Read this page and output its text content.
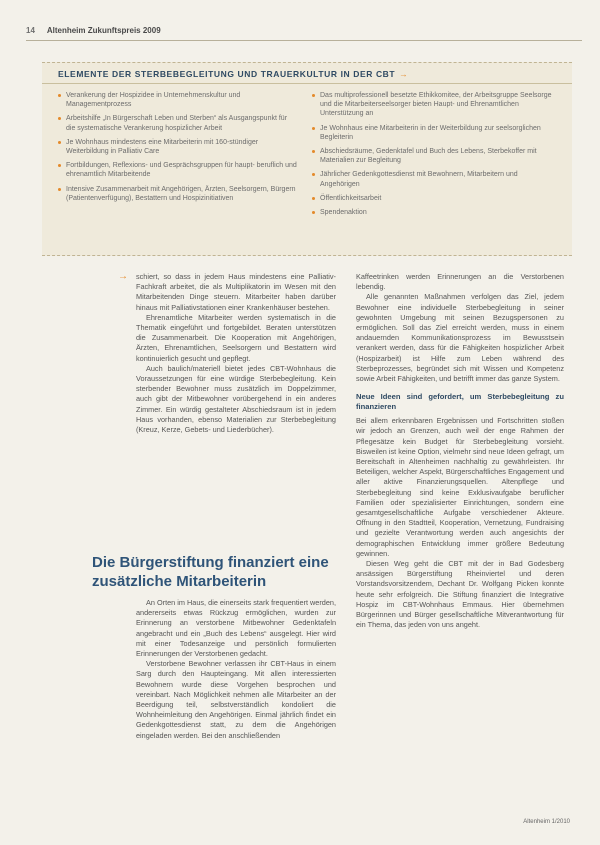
14 Altenheim Zukunftspreis 2009
ELEMENTE DER STERBEBEGLEITUNG UND TRAUERKULTUR IN DER CBT →
Verankerung der Hospizidee in Unternehmenskultur und Managementprozess
Arbeitshilfe „In Bürgerschaft Leben und Sterben“ als Ausgangspunkt für die systematische Verankerung hospizlicher Arbeit
Je Wohnhaus mindestens eine Mitarbeiterin mit 160-stündiger Weiterbildung in Palliativ Care
Fortbildungen, Reflexions- und Gesprächsgruppen für haupt- beruflich und ehrenamtlich Mitarbeitende
Intensive Zusammenarbeit mit Angehörigen, Ärzten, Seelsorgern, Bürgern (Patientenverfügung), Bestattern und Hospizinitiativen
Das multiprofessionell besetzte Ethikkomitee, der Arbeitsgruppe Seelsorge und die Mitarbeiterseelsorger bieten Haupt- und Ehrenamtlichen Unterstützung an
Je Wohnhaus eine Mitarbeiterin in der Weiterbildung zur seelsorglichen Begleiterin
Abschiedsräume, Gedenktafel und Buch des Lebens, Sterbekoffer mit Materialien zur Begleitung
Jährlicher Gedenkgottesdienst mit Bewohnern, Mitarbeitern und Angehörigen
Öffentlichkeitsarbeit
Spendenaktion
→ schiert, so dass in jedem Haus mindestens eine Palliativ-Fachkraft arbeitet, die als Multiplikatorin im Wesen mit den Mitarbeitenden Dinge steuern. Mitarbeiter haben darüber hinaus mit Palliativstationen einer Krankenhäuser bestehen.

Ehrenamtliche Mitarbeiter werden systematisch in die Thematik eingeführt und fortgebildet. Beraten unterstützen die Zusammenarbeit. Die Kooperation mit Angehörigen, Ärzten, Ehrenamtlichen, Seelsorgern und Bestattern wird kontinuierlich gesucht und gepflegt.

Auch baulich/materiell bietet jedes CBT-Wohnhaus die Voraussetzungen für eine würdige Sterbebegleitung. Kein sterbender Bewohner muss zusätzlich im Doppelzimmer, auch gibt der Mitbewohner vorübergehend in ein anderes Zimmer. Ein würdig gestalteter Abschiedsraum ist in jedem Haus vorhanden, ebenso Materialien zur Sterbebegleitung (Kreuz, Kerze, Gebets- und Liederbücher).

Die Bürgerstiftung finanziert eine zusätzliche Mitarbeiterin

An Orten im Haus, die einerseits stark frequentiert werden, andererseits etwas Rückzug ermöglichen, wurden zur Erinnerung an verstorbene Mitbewohner Gedenktafeln angebracht und ein „Buch des Lebens“ ausgelegt. Hier wird mit einer Todesanzeige und persönlich formulierten Erinnerungen der Verstorbenen gedacht.

Verstorbene Bewohner verlassen ihr CBT-Haus in einem Sarg durch den Haupteingang. Mit allen interessierten Bewohnern wurde diese Vorgehen besprochen und vereinbart. Nach Möglichkeit nehmen alle Mitarbeiter an der Beerdigung teil, selbstverständlich kondoliert die Wohnheimleitung den Angehörigen. Einmal jährlich findet ein Gedenkgottesdienst statt, zu dem die Angehörigen eingeladen werden. Bei den anschließenden

Kaffeetrinken werden Erinnerungen an die Verstorbenen lebendig.

Alle genannten Maßnahmen verfolgen das Ziel, jedem Bewohner eine individuelle Sterbebegleitung in seiner gewohnten Umgebung mit seinen Bezugspersonen zu ermöglichen. Soll das Ziel erreicht werden, muss in einem andauernden Kommunikationsprozess im Bewusstsein verankert werden, dass für die Fähigkeiten hospizlicher Arbeit (Hospizarbeit) ist Hilfe zum Leben während des Sterbeprozesses, begründet sich mit Wissen und Kompetenz sowie Arbeit Fähigkeiten, und betrifft immer das ganze System.

Neue Ideen sind gefordert, um Sterbebegleitung zu finanzieren

Bei allem erkennbaren Ergebnissen und Fortschritten stoßen wir jedoch an Grenzen, auch weil der enge Rahmen der Pflegesätze kein Budget für Sterbebegleitung vorsieht. Bisweilen ist keine Option, vielmehr sind neue Ideen gefragt, um Bereitschaft in Altenheimen nachhaltig zu gewährleisten. Ihr Beteiligen, welcher Aspekt, Bürgerschaftliches Engagement und aller aktive Finanzierungsquellen. Altenpflege und Sterbebegleitung sind keine Exklusivaufgabe beruflicher Familien oder spezialisierter Einrichtungen, sondern eine gesamtgesellschaftliche Aufgabe verschiedener Akteure. Offnung in den Stadtteil, Kooperation, Vernetzung, Fundraising und gezielte Verantwortung werden auch angesichts der demographischen Entwicklung immer größere Bedeutung gewinnen.

Diesen Weg geht die CBT mit der in Bad Godesberg ansässigen Bürgerstiftung Rheinviertel und deren Vorstandsvorsitzendem, Dechant Dr. Wolfgang Picken konnte heute sehr erfolgreich. Die Stiftung finanziert die Integrative Hospiz im CBT-Wohnhaus Emmaus. Hier übernehmen Bürgerinnen und Bürger gesellschaftliche Mitverantwortung für ein Thema, das jeden von uns angeht.

Altenheim 1/2010
